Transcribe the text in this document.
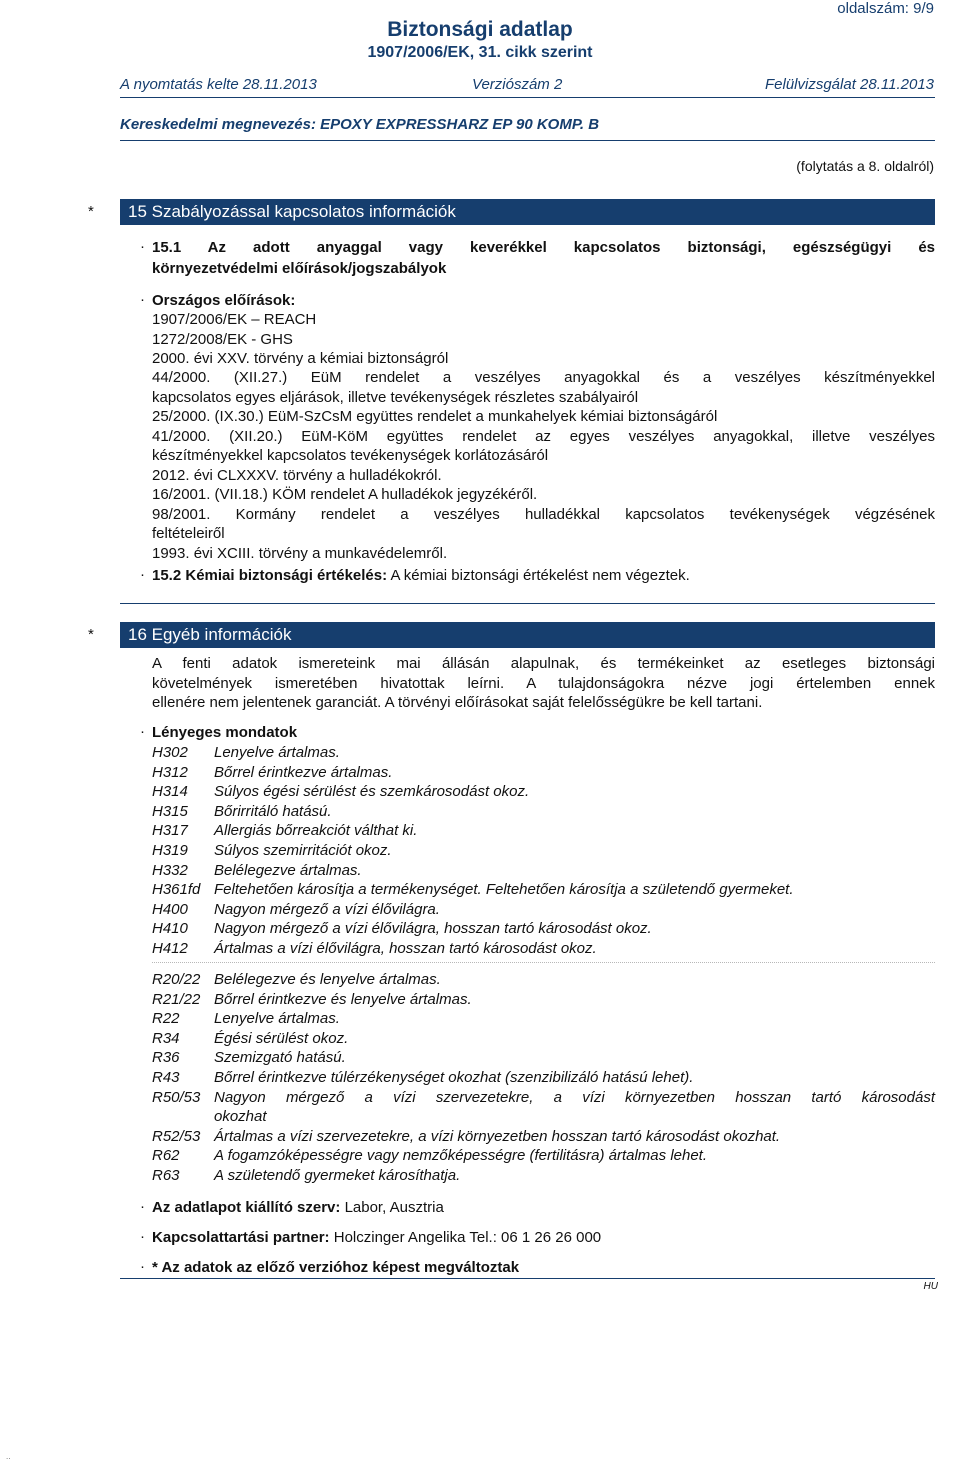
oldalszám: 9/9
Biztonsági adatlap
1907/2006/EK, 31. cikk szerint
A nyomtatás kelte 28.11.2013	Verziószám 2	Felülvizsgálat 28.11.2013
Kereskedelmi megnevezés: EPOXY EXPRESSHARZ EP 90 KOMP. B
(folytatás a 8. oldalról)
*	15 Szabályozással kapcsolatos információk
· 15.1 Az adott anyaggal vagy keverékkel kapcsolatos biztonsági, egészségügyi és
környezetvédelmi előírások/jogszabályok
· Országos előírások:
1907/2006/EK – REACH
1272/2008/EK - GHS
2000. évi XXV. törvény a kémiai biztonságról
44/2000. (XII.27.) EüM rendelet a veszélyes anyagokkal és a veszélyes készítményekkel
kapcsolatos egyes eljárások, illetve tevékenységek részletes szabályairól
25/2000. (IX.30.) EüM-SzCsM együttes rendelet a munkahelyek kémiai biztonságáról
41/2000. (XII.20.) EüM-KöM együttes rendelet az egyes veszélyes anyagokkal, illetve veszélyes
készítményekkel kapcsolatos tevékenységek korlátozásáról
2012. évi CLXXXV. törvény a hulladékokról.
16/2001. (VII.18.) KÖM rendelet A hulladékok jegyzékéről.
98/2001. Kormány rendelet a veszélyes hulladékkal kapcsolatos tevékenységek végzésének
feltételeiről
1993. évi XCIII. törvény a munkavédelemről.
· 15.2 Kémiai biztonsági értékelés: A kémiai biztonsági értékelést nem végeztek.
*	16 Egyéb információk
A fenti adatok ismereteink mai állásán alapulnak, és termékeinket az esetleges biztonsági
követelmények ismeretében hivatottak leírni. A tulajdonságokra nézve jogi értelemben ennek
ellenére nem jelentenek garanciát. A törvényi előírásokat saját felelősségükre be kell tartani.
· Lényeges mondatok
H302 Lenyelve ártalmas.
H312 Bőrrel érintkezve ártalmas.
H314 Súlyos égési sérülést és szemkárosodást okoz.
H315 Bőrirritáló hatású.
H317 Allergiás bőrreakciót válthat ki.
H319 Súlyos szemirritációt okoz.
H332 Belélegezve ártalmas.
H361fd Feltehetően károsítja a termékenységet. Feltehetően károsítja a születendő gyermeket.
H400 Nagyon mérgező a vízi élővilágra.
H410 Nagyon mérgező a vízi élővilágra, hosszan tartó károsodást okoz.
H412 Ártalmas a vízi élővilágra, hosszan tartó károsodást okoz.
R20/22 Belélegezve és lenyelve ártalmas.
R21/22 Bőrrel érintkezve és lenyelve ártalmas.
R22 Lenyelve ártalmas.
R34 Égési sérülést okoz.
R36 Szemizgató hatású.
R43 Bőrrel érintkezve túlérzékenységet okozhat (szenzibilizáló hatású lehet).
R50/53 Nagyon mérgező a vízi szervezetekre, a vízi környezetben hosszan tartó károsodást
okozhat
R52/53 Ártalmas a vízi szervezetekre, a vízi környezetben hosszan tartó károsodást okozhat.
R62 A fogamzóképességre vagy nemzőképességre (fertilitásra) ártalmas lehet.
R63 A születendő gyermeket károsíthatja.
· Az adatlapot kiállító szerv: Labor, Ausztria
· Kapcsolattartási partner: Holczinger Angelika Tel.: 06 1 26 26 000
· * Az adatok az előző verzióhoz képest megváltoztak
HU
..
